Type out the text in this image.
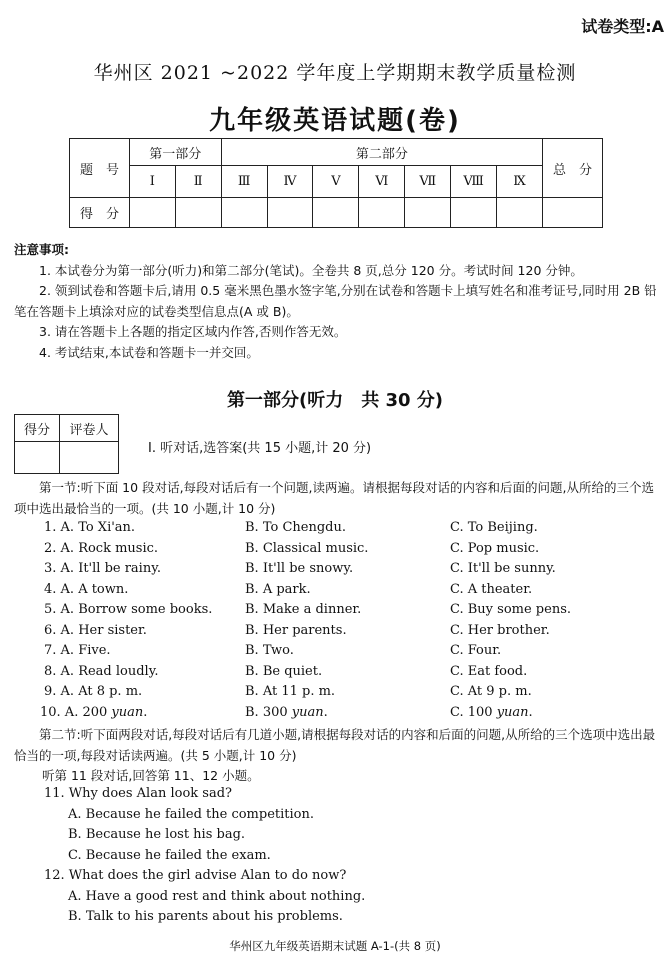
试卷类型:A
华州区 2021 ~2022 学年度上学期期末教学质量检测
九年级英语试题(卷)
题　号	第一部分		第二部分							总　分
	Ⅰ	Ⅱ	Ⅲ	Ⅳ	Ⅴ	Ⅵ	Ⅶ	Ⅷ	Ⅸ	
得　分										

注意事项:

1. 本试卷分为第一部分(听力)和第二部分(笔试)。全卷共 8 页,总分 120 分。考试时间 120 分钟。

2. 领到试卷和答题卡后,请用 0.5 毫米黑色墨水签字笔,分别在试卷和答题卡上填写姓名和准考证号,同时用 2B 铅笔在答题卡上填涂对应的试卷类型信息点(A 或 B)。

3. 请在答题卡上各题的指定区域内作答,否则作答无效。

4. 考试结束,本试卷和答题卡一并交回。

第一部分(听力　共 30 分)
得分	评卷人

Ⅰ. 听对话,选答案(共 15 小题,计 20 分)
第一节:听下面 10 段对话,每段对话后有一个问题,读两遍。请根据每段对话的内容和后面的问题,从所给的三个选项中选出最恰当的一项。(共 10 小题,计 10 分)
1. A. To Xi'an.	B. To Chengdu.	C. To Beijing.
2. A. Rock music.	B. Classical music.	C. Pop music.
3. A. It'll be rainy.	B. It'll be snowy.	C. It'll be sunny.
4. A. A town.	B. A park.	C. A theater.
5. A. Borrow some books.	B. Make a dinner.	C. Buy some pens.
6. A. Her sister.	B. Her parents.	C. Her brother.
7. A. Five.	B. Two.	C. Four.
8. A. Read loudly.	B. Be quiet.	C. Eat food.
9. A. At 8 p. m.	B. At 11 p. m.	C. At 9 p. m.
10. A. 200 yuan.	B. 300 yuan.	C. 100 yuan.
第二节:听下面两段对话,每段对话后有几道小题,请根据每段对话的内容和后面的问题,从所给的三个选项中选出最恰当的一项,每段对话读两遍。(共 5 小题,计 10 分)
听第 11 段对话,回答第 11、12 小题。
11. Why does Alan look sad?
A. Because he failed the competition.
B. Because he lost his bag.
C. Because he failed the exam.
12. What does the girl advise Alan to do now?
A. Have a good rest and think about nothing.
B. Talk to his parents about his problems.
华州区九年级英语期末试题 A-1-(共 8 页)
